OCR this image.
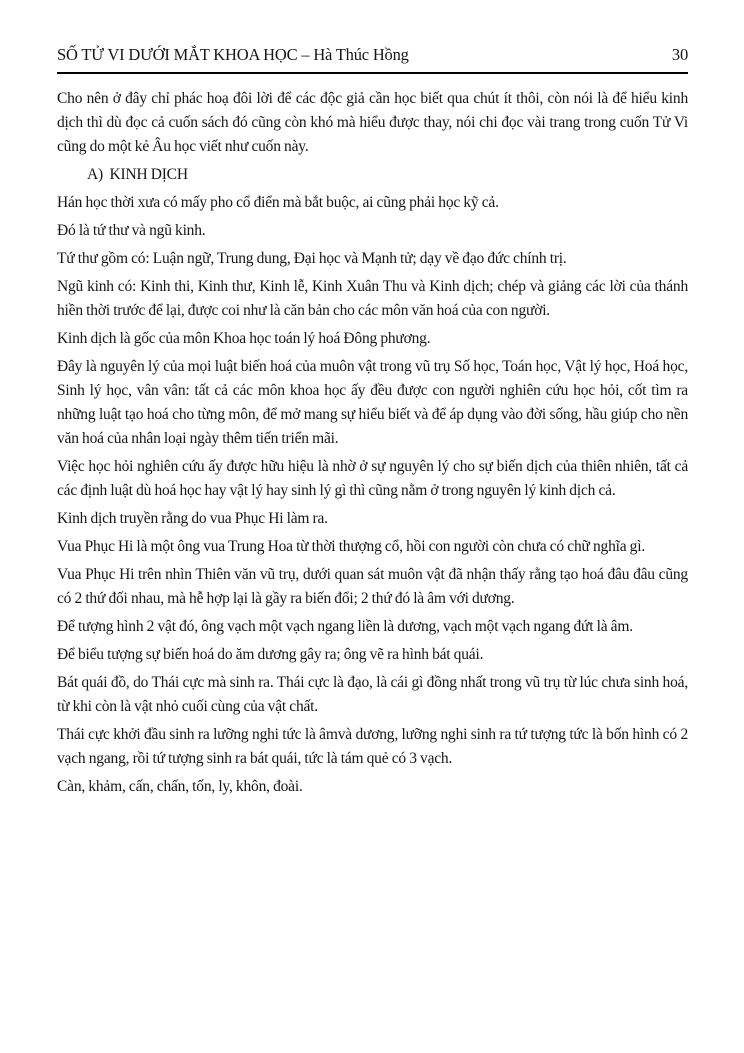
SỐ TỬ VI DƯỚI MẮT KHOA HỌC – Hà Thúc Hồng	30

Cho nên ở đây chỉ phác hoạ đôi lời để các độc giả cần học biết qua chút ít thôi, còn nói là để hiểu kinh dịch thì dù đọc cả cuốn sách đó cũng còn khó mà hiểu được thay, nói chi đọc vài trang trong cuốn Tử Vi cũng do một kẻ Âu học viết như cuốn này.

A)  KINH DỊCH

Hán học thời xưa có mấy pho cổ điển mà bắt buộc, ai cũng phải học kỹ cả.

Đó là tứ thư và ngũ kinh.

Tứ thư gồm có: Luận ngữ, Trung dung, Đại học và Mạnh tử; dạy về đạo đức chính trị.

Ngũ kinh có: Kinh thi, Kinh thư, Kinh lễ, Kinh Xuân Thu và Kinh dịch; chép và giảng các lời của thánh hiền thời trước để lại, được coi như là căn bản cho các môn văn hoá của con người.

Kinh dịch là gốc của môn Khoa học toán lý hoá Đông phương.

Đây là nguyên lý của mọi luật biến hoá của muôn vật trong vũ trụ Số học, Toán học, Vật lý học, Hoá học, Sinh lý học, vân vân: tất cả các môn khoa học ấy đều được con người nghiên cứu học hỏi, cốt tìm ra những luật tạo hoá cho từng môn, để mở mang sự hiểu biết và để áp dụng vào đời sống, hầu giúp cho nền văn hoá của nhân loại ngày thêm tiến triển mãi.

Việc học hỏi nghiên cứu ấy được hữu hiệu là nhờ ở sự nguyên lý cho sự biến dịch của thiên nhiên, tất cả các định luật dù hoá học hay vật lý hay sinh lý gì thì cũng nằm ở trong nguyên lý kinh dịch cả.

Kinh dịch truyền rằng do vua Phục Hi làm ra.

Vua Phục Hi là một ông vua Trung Hoa từ thời thượng cổ, hồi con người còn chưa có chữ nghĩa gì.

Vua Phục Hi trên nhìn Thiên văn vũ trụ, dưới quan sát muôn vật đã nhận thấy rằng tạo hoá đâu đâu cũng có 2 thứ đối nhau, mà hễ hợp lại là gầy ra biến đổi; 2 thứ đó là âm với dương.

Để tượng hình 2 vật đó, ông vạch một vạch ngang liền là dương, vạch một vạch ngang đứt là âm.

Để biểu tượng sự biến hoá do ăm dương gây ra; ông vẽ ra hình bát quái.

Bát quái đồ, do Thái cực mà sinh ra. Thái cực là đạo, là cái gì đồng nhất trong vũ trụ từ lúc chưa sinh hoá, từ khi còn là vật nhỏ cuối cùng của vật chất.

Thái cực khởi đầu sinh ra lưỡng nghi tức là âmvà dương, lưỡng nghi sinh ra tứ tượng tức là bốn hình có 2 vạch ngang, rồi tứ tượng sinh ra bát quái, tức là tám quẻ có 3 vạch.

Càn, khảm, cấn, chấn, tốn, ly, khôn, đoài.
